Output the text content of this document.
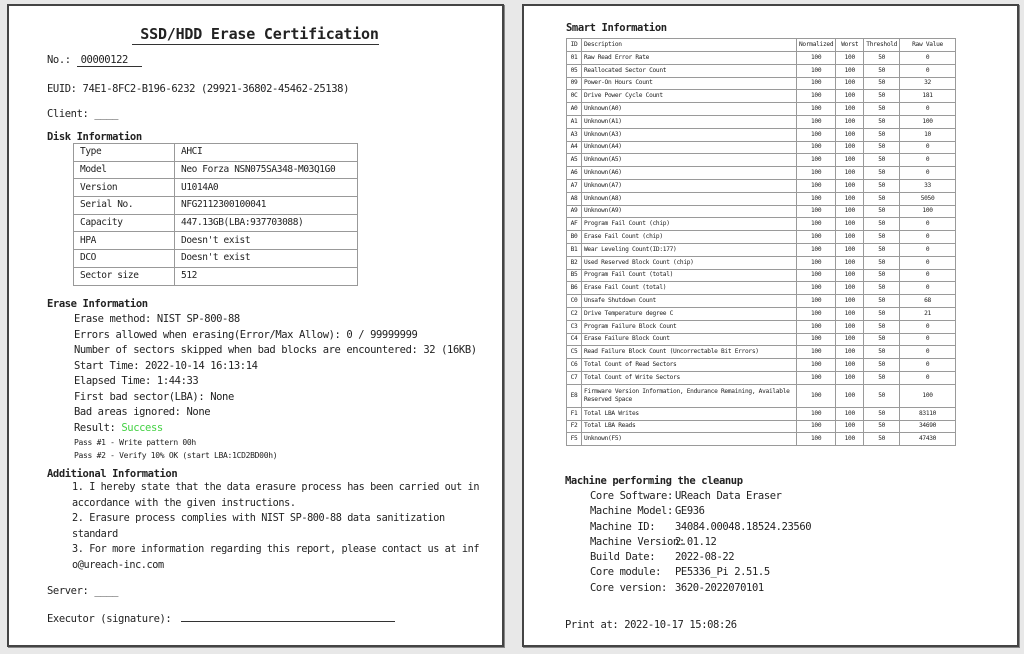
SSD/HDD Erase Certification
No.: 00000122
EUID: 74E1-8FC2-B196-6232 (29921-36802-45462-25138)
Client: ____
Disk Information
Type	AHCI
Model	Neo Forza NSN075SA348-M03Q1G0
Version	U1014A0
Serial No.	NFG2112300100041
Capacity	447.13GB(LBA:937703088)
HPA	Doesn't exist
DCO	Doesn't exist
Sector size	512
Erase Information
Erase method: NIST SP-800-88
Errors allowed when erasing(Error/Max Allow): 0 / 99999999
Number of sectors skipped when bad blocks are encountered: 32 (16KB)
Start Time: 2022-10-14 16:13:14
Elapsed Time: 1:44:33
First bad sector(LBA): None
Bad areas ignored: None
Result: Success
Pass #1 - Write pattern 00h
Pass #2 - Verify 10% OK (start LBA:1CD2BD00h)
Additional Information
1. I hereby state that the data erasure process has been carried out in accordance with the given instructions.
2. Erasure process complies with NIST SP-800-88 data sanitization standard
3. For more information regarding this report, please contact us at info@ureach-inc.com
Server: ____
Executor (signature):
Smart Information
ID	Description	Normalized	Worst	Threshold	Raw Value
01	Raw Read Error Rate	100	100	50	0
05	Reallocated Sector Count	100	100	50	0
09	Power-On Hours Count	100	100	50	32
0C	Drive Power Cycle Count	100	100	50	181
A0	Unknown(A0)	100	100	50	0
A1	Unknown(A1)	100	100	50	100
A3	Unknown(A3)	100	100	50	10
A4	Unknown(A4)	100	100	50	0
A5	Unknown(A5)	100	100	50	0
A6	Unknown(A6)	100	100	50	0
A7	Unknown(A7)	100	100	50	33
A8	Unknown(A8)	100	100	50	5050
A9	Unknown(A9)	100	100	50	100
AF	Program Fail Count (chip)	100	100	50	0
B0	Erase Fail Count (chip)	100	100	50	0
B1	Wear Leveling Count(ID:177)	100	100	50	0
B2	Used Reserved Block Count (chip)	100	100	50	0
B5	Program Fail Count (total)	100	100	50	0
B6	Erase Fail Count (total)	100	100	50	0
C0	Unsafe Shutdown Count	100	100	50	68
C2	Drive Temperature degree C	100	100	50	21
C3	Program Failure Block Count	100	100	50	0
C4	Erase Failure Block Count	100	100	50	0
C5	Read Failure Block Count (Uncorrectable Bit Errors)	100	100	50	0
C6	Total Count of Read Sectors	100	100	50	0
C7	Total Count of Write Sectors	100	100	50	0
E8	Firmware Version Information, Endurance Remaining, Available Reserved Space	100	100	50	100
F1	Total LBA Writes	100	100	50	83110
F2	Total LBA Reads	100	100	50	34690
F5	Unknown(F5)	100	100	50	47430
Machine performing the cleanup
Core Software: UReach Data Eraser
Machine Model: GE936
Machine ID:	34084.00048.18524.23560
Machine Version:
2.01.12
Build Date:	2022-08-22
Core module:	PE5336_Pi 2.51.5
Core version: 3620-2022070101
Print at: 2022-10-17 15:08:26
